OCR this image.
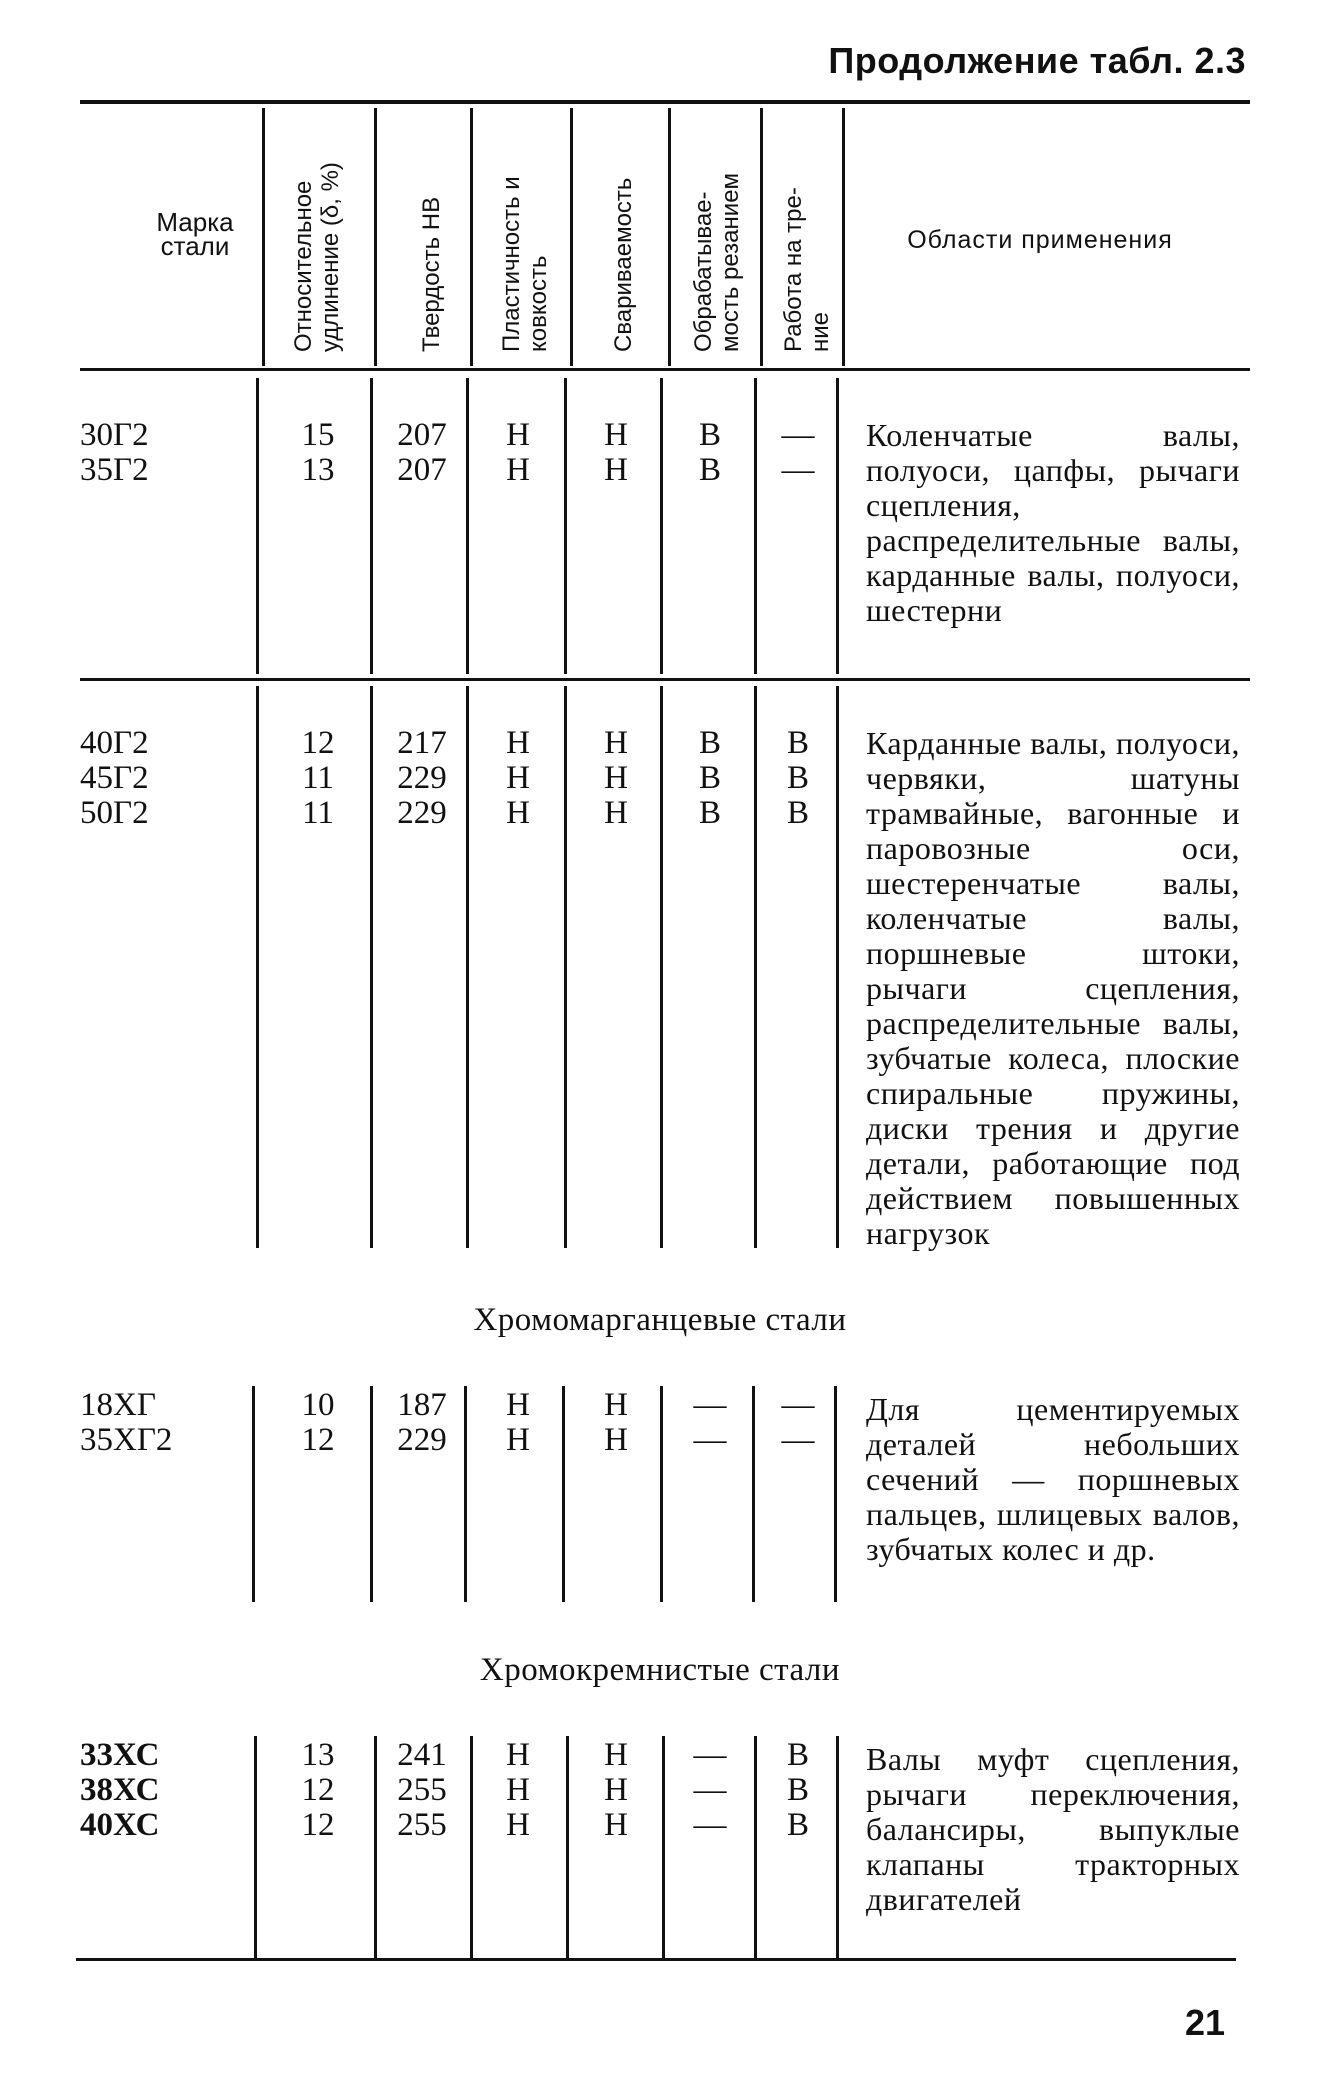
Продолжение табл. 2.3
Марка
стали	Относительное удлинение (δ, %)	Твердость НВ Пластичность и ковкость Свариваемость Обрабатывае- мость резанием Работа на тре- ние
Области применения
30Г2
35Г2
15
13
207
207
Н
Н
Н
Н
В
В
—
—
Коленчатые валы, полуоси, цапфы, рычаги сцепления, распределительные валы, карданные валы, полуоси, шестерни
40Г2
45Г2
50Г2
12
11
11
217
229
229
Н
Н
Н
Н
Н
Н
В
В
В
В
В
В
Карданные валы, полуоси, червяки, шатуны трамвайные, вагонные и паровозные оси, шестеренчатые валы, коленчатые валы, поршневые штоки, рычаги сцепления, распределительные валы, зубчатые колеса, плоские спиральные пружины, диски трения и другие детали, работающие под действием повышенных нагрузок
Хромомарганцевые стали
18ХГ
35ХГ2
10
12
187
229
Н
Н
Н
Н
—
—
—
—
Для цементируемых деталей небольших сечений — поршневых пальцев, шлицевых валов, зубчатых колес и др.
Хромокремнистые стали
33ХС
38ХС
40ХС
13
12
12
241
255
255
Н
Н
Н
Н
Н
Н
—
—
—
В
В
В
Валы муфт сцепления, рычаги переключения, балансиры, выпуклые клапаны тракторных двигателей
21
